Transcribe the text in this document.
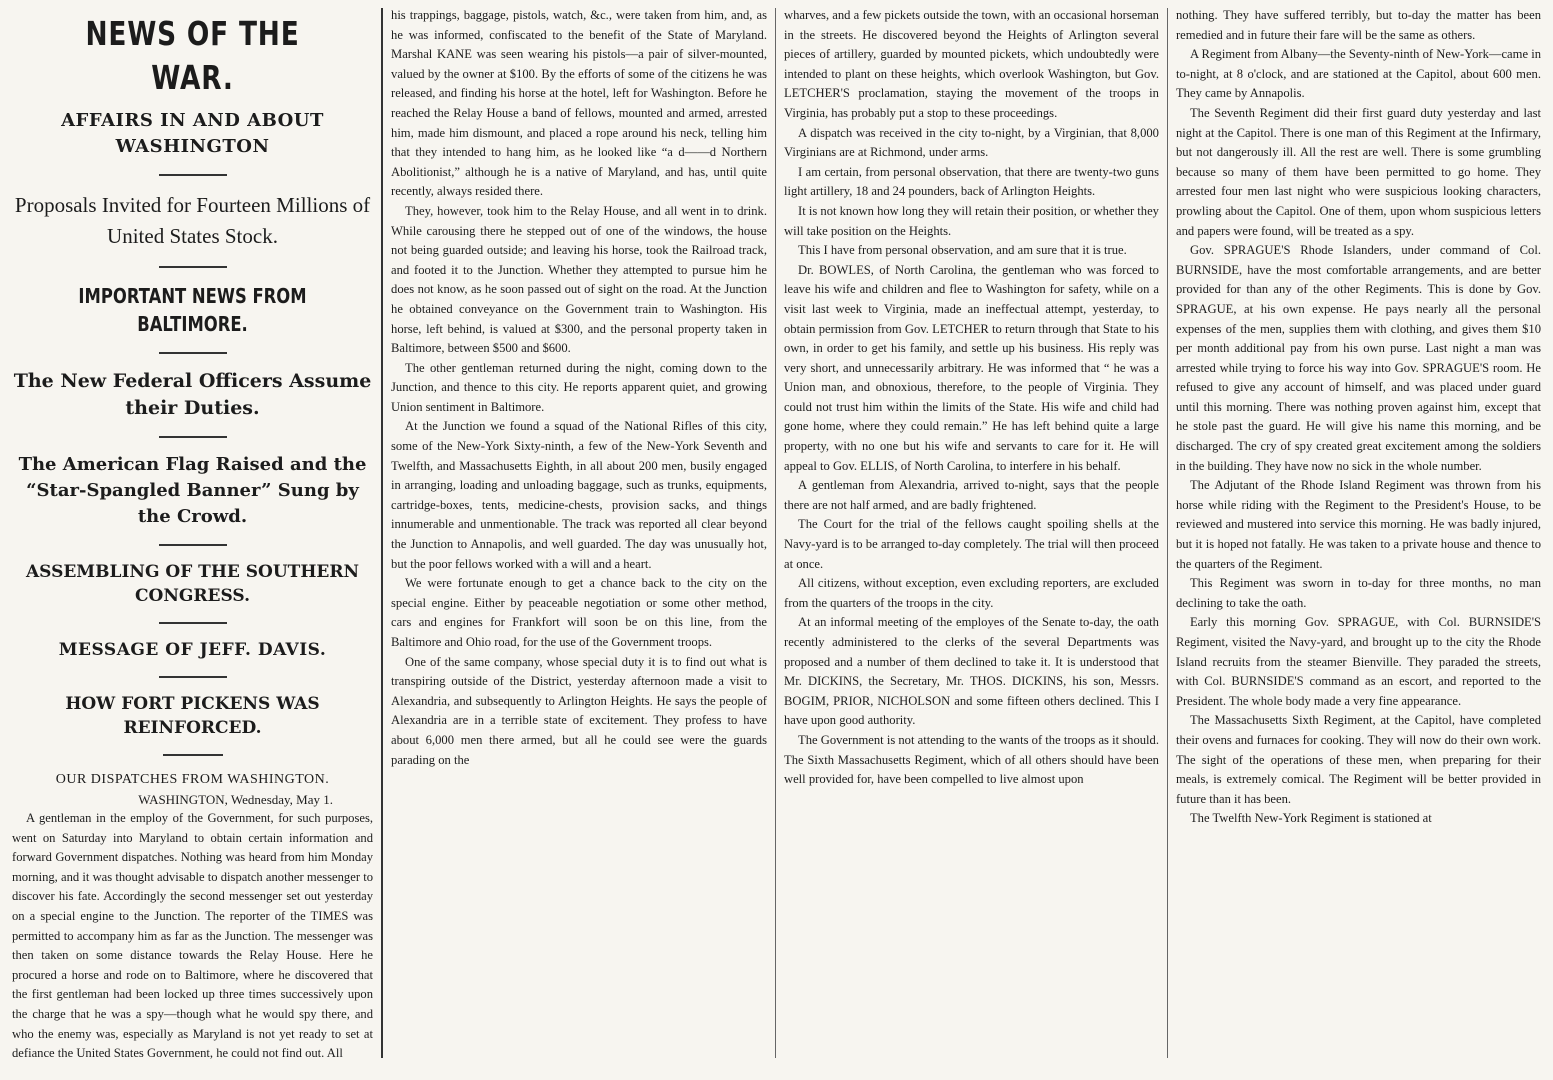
NEWS OF THE WAR.
AFFAIRS IN AND ABOUT WASHINGTON
Proposals Invited for Fourteen Millions of United States Stock.
IMPORTANT NEWS FROM BALTIMORE.
The New Federal Officers Assume their Duties.
The American Flag Raised and the “Star-Spangled Banner” Sung by the Crowd.
ASSEMBLING OF THE SOUTHERN CONGRESS.
MESSAGE OF JEFF. DAVIS.
HOW FORT PICKENS WAS REINFORCED.
OUR DISPATCHES FROM WASHINGTON.
WASHINGTON, Wednesday, May 1.

A gentleman in the employ of the Government, for such purposes, went on Saturday into Maryland to obtain certain information and forward Government dispatches. Nothing was heard from him Monday morning, and it was thought advisable to dispatch another messenger to discover his fate. Accordingly the second messenger set out yesterday on a special engine to the Junction. The reporter of the TIMES was permitted to accompany him as far as the Junction. The messenger was then taken on some distance towards the Relay House. Here he procured a horse and rode on to Baltimore, where he discovered that the first gentleman had been locked up three times successively upon the charge that he was a spy—though what he would spy there, and who the enemy was, especially as Maryland is not yet ready to set at defiance the United States Government, he could not find out. All

his trappings, baggage, pistols, watch, &c., were taken from him, and, as he was informed, confiscated to the benefit of the State of Maryland. Marshal KANE was seen wearing his pistols—a pair of silver-mounted, valued by the owner at $100. By the efforts of some of the citizens he was released, and finding his horse at the hotel, left for Washington. Before he reached the Relay House a band of fellows, mounted and armed, arrested him, made him dismount, and placed a rope around his neck, telling him that they intended to hang him, as he looked like “a d——d Northern Abolitionist,” although he is a native of Maryland, and has, until quite recently, always resided there.

They, however, took him to the Relay House, and all went in to drink. While carousing there he stepped out of one of the windows, the house not being guarded outside; and leaving his horse, took the Railroad track, and footed it to the Junction. Whether they attempted to pursue him he does not know, as he soon passed out of sight on the road. At the Junction he obtained conveyance on the Government train to Washington. His horse, left behind, is valued at $300, and the personal property taken in Baltimore, between $500 and $600.

The other gentleman returned during the night, coming down to the Junction, and thence to this city. He reports apparent quiet, and growing Union sentiment in Baltimore.

At the Junction we found a squad of the National Rifles of this city, some of the New-York Sixty-ninth, a few of the New-York Seventh and Twelfth, and Massachusetts Eighth, in all about 200 men, busily engaged in arranging, loading and unloading baggage, such as trunks, equipments, cartridge-boxes, tents, medicine-chests, provision sacks, and things innumerable and unmentionable. The track was reported all clear beyond the Junction to Annapolis, and well guarded. The day was unusually hot, but the poor fellows worked with a will and a heart.

We were fortunate enough to get a chance back to the city on the special engine. Either by peaceable negotiation or some other method, cars and engines for Frankfort will soon be on this line, from the Baltimore and Ohio road, for the use of the Government troops.

One of the same company, whose special duty it is to find out what is transpiring outside of the District, yesterday afternoon made a visit to Alexandria, and subsequently to Arlington Heights. He says the people of Alexandria are in a terrible state of excitement. They profess to have about 6,000 men there armed, but all he could see were the guards parading on the

wharves, and a few pickets outside the town, with an occasional horseman in the streets. He discovered beyond the Heights of Arlington several pieces of artillery, guarded by mounted pickets, which undoubtedly were intended to plant on these heights, which overlook Washington, but Gov. LETCHER'S proclamation, staying the movement of the troops in Virginia, has probably put a stop to these proceedings.

A dispatch was received in the city to-night, by a Virginian, that 8,000 Virginians are at Richmond, under arms.

I am certain, from personal observation, that there are twenty-two guns light artillery, 18 and 24 pounders, back of Arlington Heights.

It is not known how long they will retain their position, or whether they will take position on the Heights.

This I have from personal observation, and am sure that it is true.

Dr. BOWLES, of North Carolina, the gentleman who was forced to leave his wife and children and flee to Washington for safety, while on a visit last week to Virginia, made an ineffectual attempt, yesterday, to obtain permission from Gov. LETCHER to return through that State to his own, in order to get his family, and settle up his business. His reply was very short, and unnecessarily arbitrary. He was informed that “ he was a Union man, and obnoxious, therefore, to the people of Virginia. They could not trust him within the limits of the State. His wife and child had gone home, where they could remain.” He has left behind quite a large property, with no one but his wife and servants to care for it. He will appeal to Gov. ELLIS, of North Carolina, to interfere in his behalf.

A gentleman from Alexandria, arrived to-night, says that the people there are not half armed, and are badly frightened.

The Court for the trial of the fellows caught spoiling shells at the Navy-yard is to be arranged to-day completely. The trial will then proceed at once.

All citizens, without exception, even excluding reporters, are excluded from the quarters of the troops in the city.

At an informal meeting of the employes of the Senate to-day, the oath recently administered to the clerks of the several Departments was proposed and a number of them declined to take it. It is understood that Mr. DICKINS, the Secretary, Mr. THOS. DICKINS, his son, Messrs. BOGIM, PRIOR, NICHOLSON and some fifteen others declined. This I have upon good authority.

The Government is not attending to the wants of the troops as it should. The Sixth Massachusetts Regiment, which of all others should have been well provided for, have been compelled to live almost upon

nothing. They have suffered terribly, but to-day the matter has been remedied and in future their fare will be the same as others.

A Regiment from Albany—the Seventy-ninth of New-York—came in to-night, at 8 o'clock, and are stationed at the Capitol, about 600 men. They came by Annapolis.

The Seventh Regiment did their first guard duty yesterday and last night at the Capitol. There is one man of this Regiment at the Infirmary, but not dangerously ill. All the rest are well. There is some grumbling because so many of them have been permitted to go home. They arrested four men last night who were suspicious looking characters, prowling about the Capitol. One of them, upon whom suspicious letters and papers were found, will be treated as a spy.

Gov. SPRAGUE'S Rhode Islanders, under command of Col. BURNSIDE, have the most comfortable arrangements, and are better provided for than any of the other Regiments. This is done by Gov. SPRAGUE, at his own expense. He pays nearly all the personal expenses of the men, supplies them with clothing, and gives them $10 per month additional pay from his own purse. Last night a man was arrested while trying to force his way into Gov. SPRAGUE'S room. He refused to give any account of himself, and was placed under guard until this morning. There was nothing proven against him, except that he stole past the guard. He will give his name this morning, and be discharged. The cry of spy created great excitement among the soldiers in the building. They have now no sick in the whole number.

The Adjutant of the Rhode Island Regiment was thrown from his horse while riding with the Regiment to the President's House, to be reviewed and mustered into service this morning. He was badly injured, but it is hoped not fatally. He was taken to a private house and thence to the quarters of the Regiment.

This Regiment was sworn in to-day for three months, no man declining to take the oath.

Early this morning Gov. SPRAGUE, with Col. BURNSIDE'S Regiment, visited the Navy-yard, and brought up to the city the Rhode Island recruits from the steamer Bienville. They paraded the streets, with Col. BURNSIDE'S command as an escort, and reported to the President. The whole body made a very fine appearance.

The Massachusetts Sixth Regiment, at the Capitol, have completed their ovens and furnaces for cooking. They will now do their own work. The sight of the operations of these men, when preparing for their meals, is extremely comical. The Regiment will be better provided in future than it has been.

The Twelfth New-York Regiment is stationed at
